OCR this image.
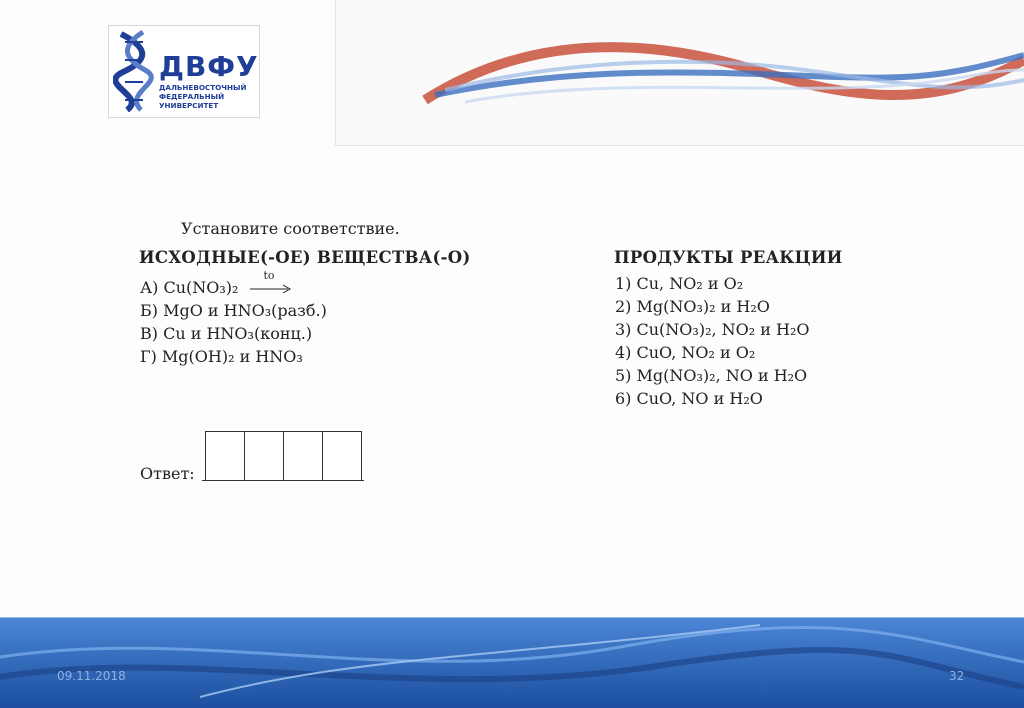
ДВФУ
ДАЛЬНЕВОСТОЧНЫЙ
ФЕДЕРАЛЬНЫЙ
УНИВЕРСИТЕТ
Установите соответствие.
ИСХОДНЫЕ(-ОЕ) ВЕЩЕСТВА(-О)	ПРОДУКТЫ РЕАКЦИИ
А) Cu(NO₃)₂
to
Б) MgO и HNO₃(разб.)
В) Cu и HNO₃(конц.)
Г) Mg(OH)₂ и HNO₃
1) Cu, NO₂ и O₂
2) Mg(NO₃)₂ и H₂O
3) Cu(NO₃)₂, NO₂ и H₂O
4) CuO, NO₂ и O₂
5) Mg(NO₃)₂, NO и H₂O
6) CuO, NO и H₂O
Ответ:
09.11.2018	32
